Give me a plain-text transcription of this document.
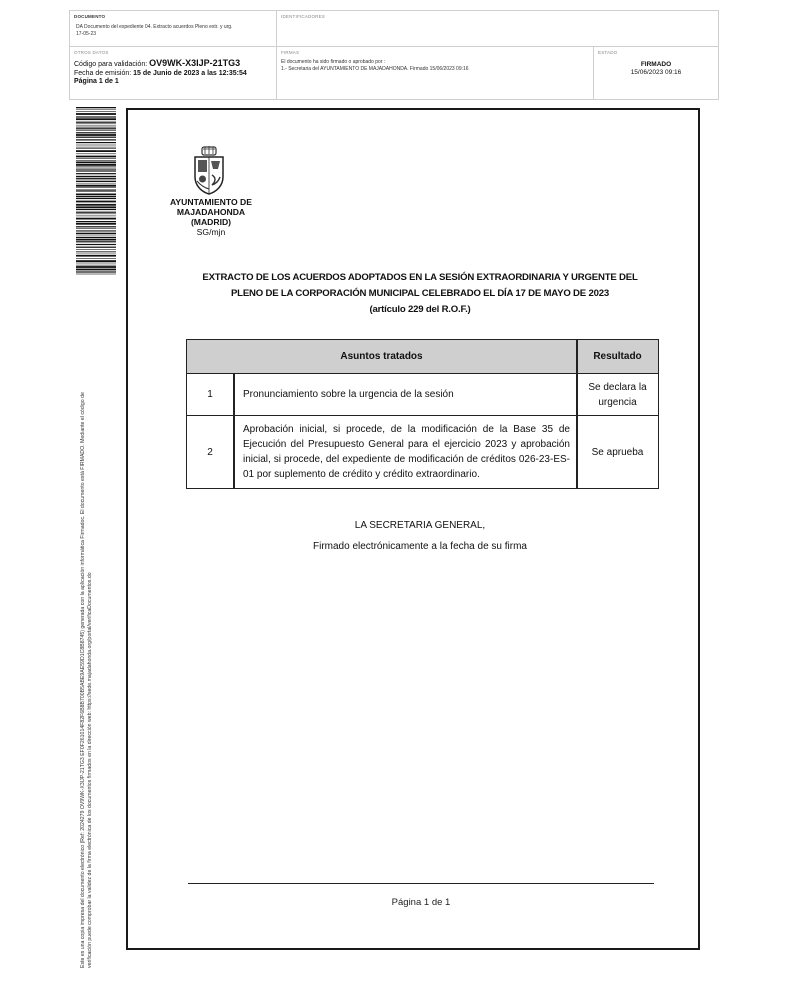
DOCUMENTO
DA Documento del expediente 04. Extracto acuerdos Pleno extr. y urg. 17-05-23
IDENTIFICADORES
OTROS DATOS
Código para validación: OV9WK-X3IJP-21TG3
Fecha de emisión: 15 de Junio de 2023 a las 12:35:54
Página 1 de 1
FIRMAS
El documento ha sido firmado o aprobado por :
1.- Secretaria del AYUNTAMIENTO DE MAJADAHONDA. Firmado 15/06/2023 09:16
ESTADO
FIRMADO
15/06/2023 09:16
Este es una copia impresa del documento electrónico (Ref: 2024279 OV9WK-X3IJP-21TG3 EF0F261014F82F6B8B700B5ABE9AE59D1C8B8745) generada con la aplicación informática Firmadoc. El documento está FIRMADO. Mediante el código de verificación puede comprobar la validez de la firma electrónica de los documentos firmados en la dirección web: https://sede.majadahonda.org/portal/verificaDocumentos.do
AYUNTAMIENTO DE
MAJADAHONDA
(MADRID)
SG/mjn
EXTRACTO DE LOS ACUERDOS ADOPTADOS EN LA SESIÓN EXTRAORDINARIA Y URGENTE DEL
PLENO DE LA CORPORACIÓN MUNICIPAL CELEBRADO EL DÍA 17 DE MAYO DE 2023
(artículo 229 del R.O.F.)
Asuntos tratados	Resultado
1	Pronunciamiento sobre la urgencia de la sesión
Se declara la urgencia
2
Aprobación inicial, si procede, de la modificación de la Base 35 de Ejecución del Presupuesto General para el ejercicio 2023 y aprobación inicial, si procede, del expediente de modificación de créditos 026-23-ES-01 por suplemento de crédito y crédito extraordinario.
Se aprueba
LA SECRETARIA GENERAL,
Firmado electrónicamente a la fecha de su firma
Página 1 de 1
